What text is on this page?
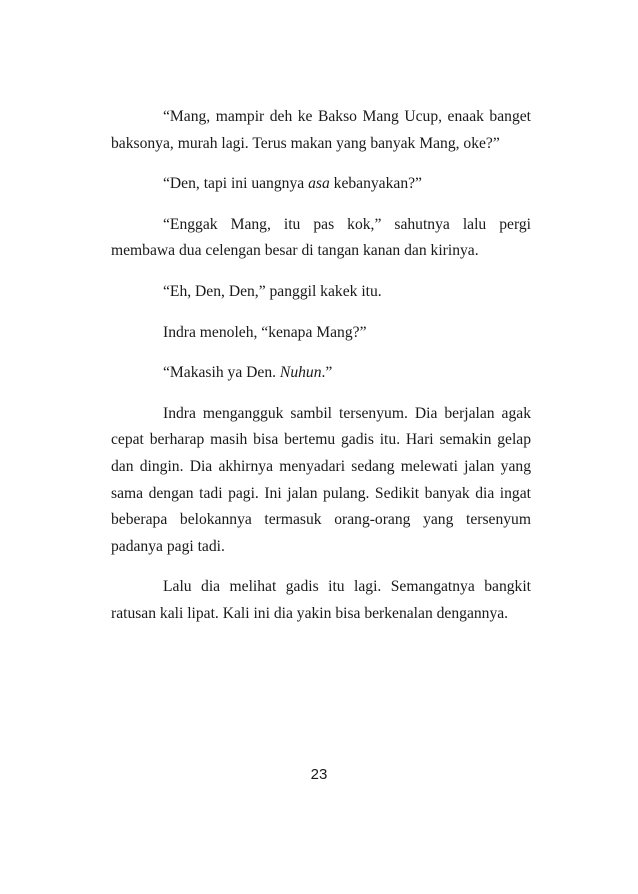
“Mang, mampir deh ke Bakso Mang Ucup, enaak banget baksonya, murah lagi. Terus makan yang banyak Mang, oke?”

“Den, tapi ini uangnya asa kebanyakan?”

“Enggak Mang, itu pas kok,” sahutnya lalu pergi membawa dua celengan besar di tangan kanan dan kirinya.

“Eh, Den, Den,” panggil kakek itu.

Indra menoleh, “kenapa Mang?”

“Makasih ya Den. Nuhun.”

Indra mengangguk sambil tersenyum. Dia berjalan agak cepat berharap masih bisa bertemu gadis itu. Hari semakin gelap dan dingin. Dia akhirnya menyadari sedang melewati jalan yang sama dengan tadi pagi. Ini jalan pulang. Sedikit banyak dia ingat beberapa belokannya termasuk orang-orang yang tersenyum padanya pagi tadi.

Lalu dia melihat gadis itu lagi. Semangatnya bangkit ratusan kali lipat. Kali ini dia yakin bisa berkenalan dengannya.

23
